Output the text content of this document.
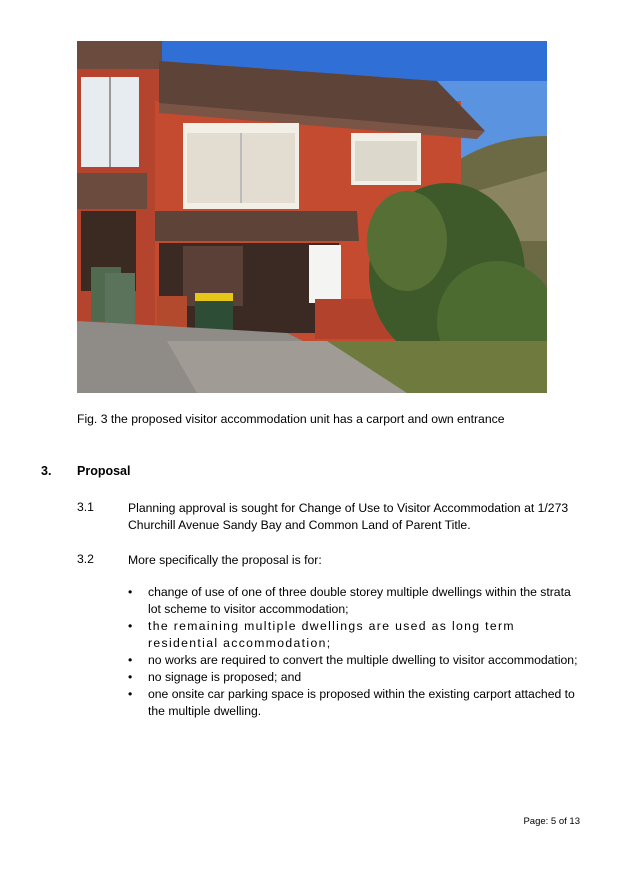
Fig. 3 the proposed visitor accommodation unit has a carport and own entrance
3. Proposal
3.1	Planning approval is sought for Change of Use to Visitor Accommodation at 1/273 Churchill Avenue Sandy Bay and Common Land of Parent Title.
3.2	More specifically the proposal is for:
• change of use of one of three double storey multiple dwellings within the strata lot scheme to visitor accommodation;
• the remaining multiple dwellings are used as long term residential accommodation;
• no works are required to convert the multiple dwelling to visitor accommodation;
• no signage is proposed; and
• one onsite car parking space is proposed within the existing carport attached to the multiple dwelling.
Page: 5 of 13
